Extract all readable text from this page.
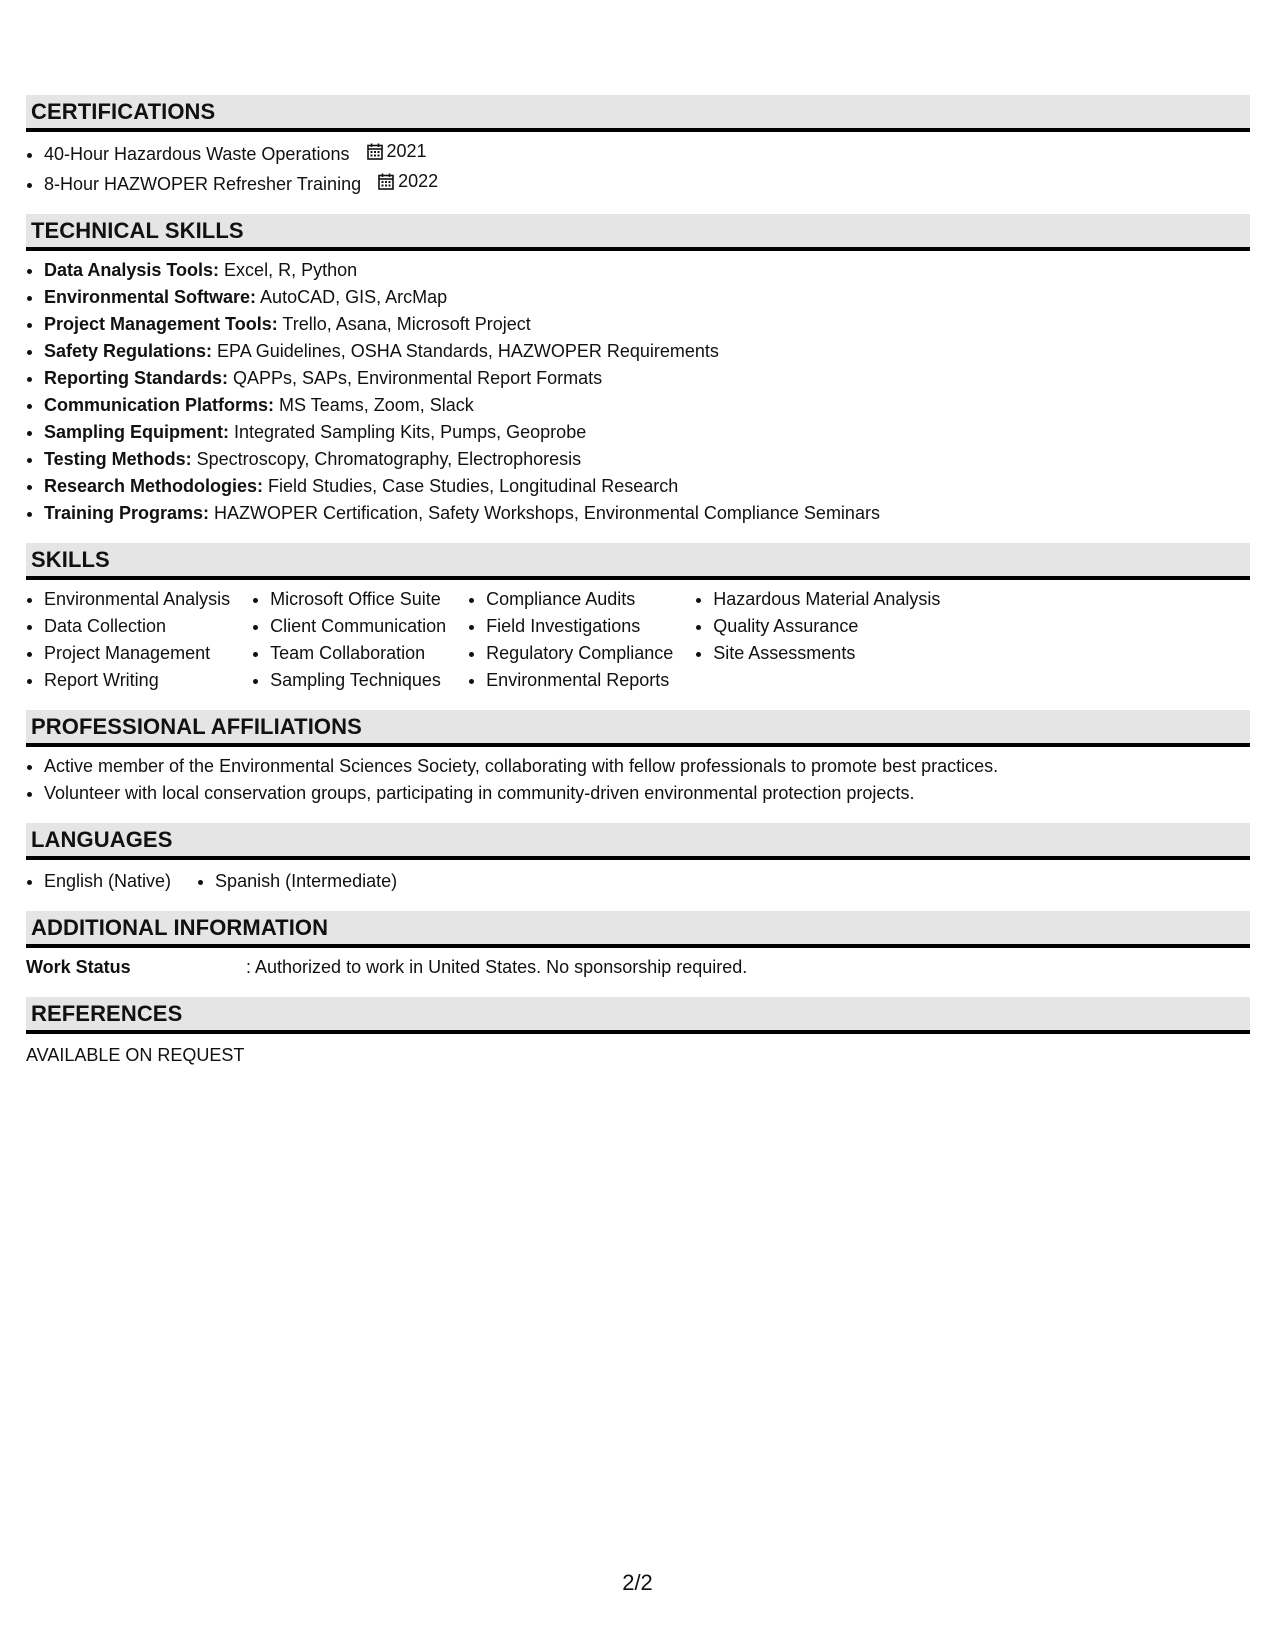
CERTIFICATIONS
• 40-Hour Hazardous Waste Operations 2021
• 8-Hour HAZWOPER Refresher Training 2022
TECHNICAL SKILLS
• Data Analysis Tools: Excel, R, Python
• Environmental Software: AutoCAD, GIS, ArcMap
• Project Management Tools: Trello, Asana, Microsoft Project
• Safety Regulations: EPA Guidelines, OSHA Standards, HAZWOPER Requirements
• Reporting Standards: QAPPs, SAPs, Environmental Report Formats
• Communication Platforms: MS Teams, Zoom, Slack
• Sampling Equipment: Integrated Sampling Kits, Pumps, Geoprobe
• Testing Methods: Spectroscopy, Chromatography, Electrophoresis
• Research Methodologies: Field Studies, Case Studies, Longitudinal Research
• Training Programs: HAZWOPER Certification, Safety Workshops, Environmental Compliance Seminars
SKILLS
• Environmental Analysis
• Data Collection
• Project Management
• Report Writing
• Microsoft Office Suite
• Client Communication
• Team Collaboration
• Sampling Techniques
• Compliance Audits
• Field Investigations
• Regulatory Compliance
• Environmental Reports
• Hazardous Material Analysis
• Quality Assurance
• Site Assessments
PROFESSIONAL AFFILIATIONS
• Active member of the Environmental Sciences Society, collaborating with fellow professionals to promote best practices.
• Volunteer with local conservation groups, participating in community-driven environmental protection projects.
LANGUAGES
• English (Native)
• Spanish (Intermediate)
ADDITIONAL INFORMATION
Work Status	: Authorized to work in United States. No sponsorship required.
REFERENCES
AVAILABLE ON REQUEST
2/2
